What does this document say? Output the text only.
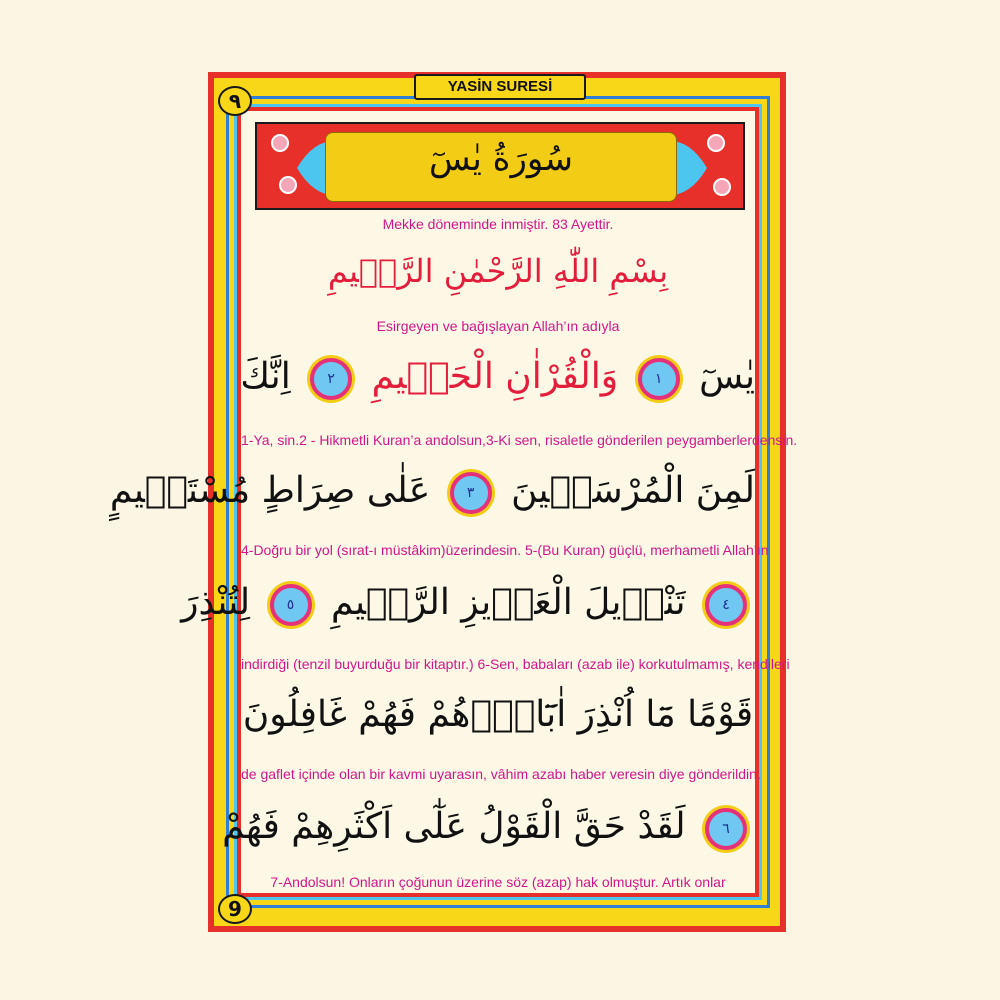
YASİN SURESİ
٩
9
سُورَةُ يٰسٓ
Mekke döneminde inmiştir. 83 Ayettir.
بِسْمِ اللّٰهِ الرَّحْمٰنِ الرَّح۪يمِ
Esirgeyen ve bağışlayan Allah’ın adıyla
يٰسٓ ١ وَالْقُرْاٰنِ الْحَك۪يمِ ٢ اِنَّكَ
1-Ya, sin.2 - Hikmetli Kuran’a andolsun,3-Ki sen, risaletle gönderilen peygamberlerdensin.
لَمِنَ الْمُرْسَل۪ينَ ٣ عَلٰى صِرَاطٍ مُسْتَق۪يمٍ
4-Doğru bir yol (sırat-ı müstâkim)üzerindesin. 5-(Bu Kuran) güçlü, merhametli Allah’ın
٤ تَنْز۪يلَ الْعَز۪يزِ الرَّح۪يمِ ٥ لِتُنْذِرَ
indirdiği (tenzil buyurduğu bir kitaptır.) 6-Sen, babaları (azab ile) korkutulmamış, kendileri
قَوْمًا مَٓا اُنْذِرَ اٰبَٓاؤُ۬هُمْ فَهُمْ غَافِلُونَ
de gaflet içinde olan bir kavmi uyarasın, vâhim azabı haber veresin diye gönderildin.
٦ لَقَدْ حَقَّ الْقَوْلُ عَلٰٓى اَكْثَرِهِمْ فَهُمْ
7-Andolsun! Onların çoğunun üzerine söz (azap) hak olmuştur. Artık onlar
